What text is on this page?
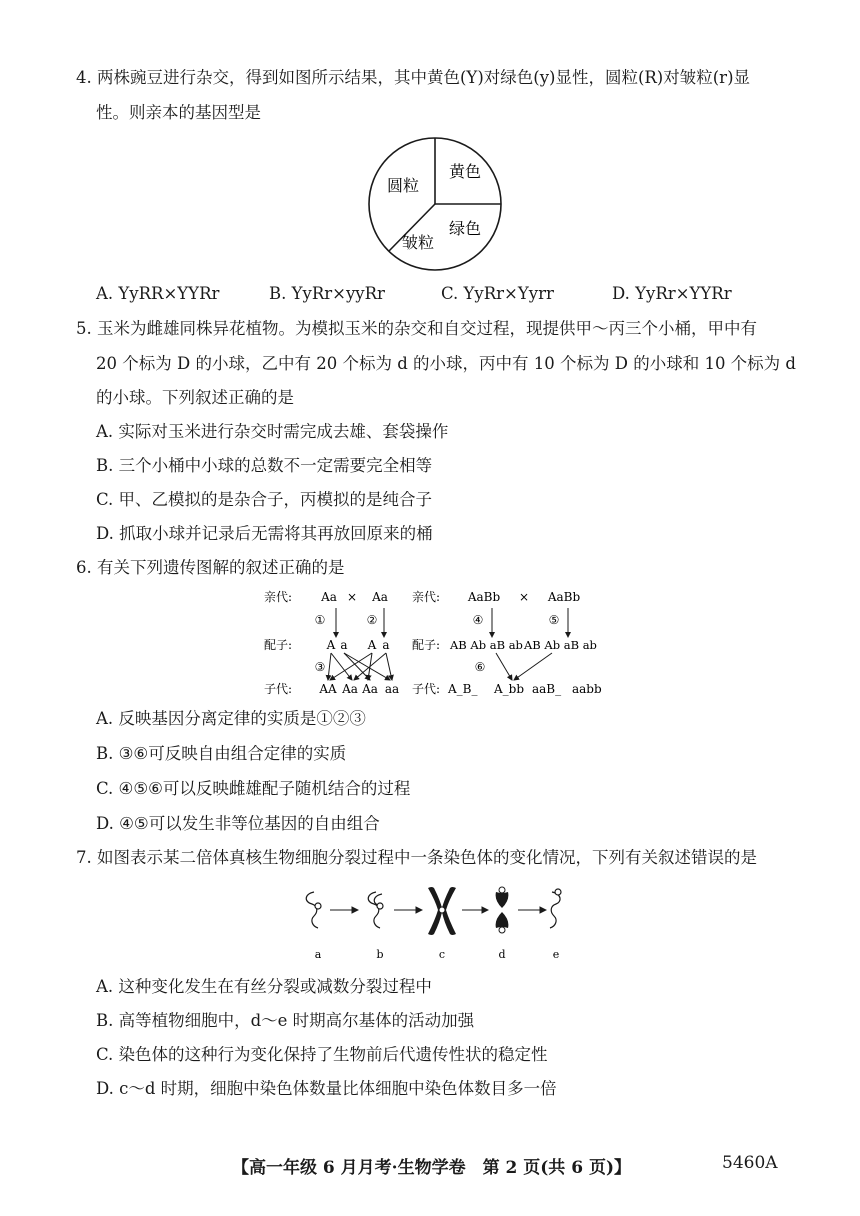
4. 两株豌豆进行杂交，得到如图所示结果，其中黄色(Y)对绿色(y)显性，圆粒(R)对皱粒(r)显
性。则亲本的基因型是
圆粒
黄色
绿色
皱粒
A. YyRR×YYRr	B. YyRr×yyRr	C. YyRr×Yyrr	D. YyRr×YYRr
5. 玉米为雌雄同株异花植物。为模拟玉米的杂交和自交过程，现提供甲～丙三个小桶，甲中有
20 个标为 D 的小球，乙中有 20 个标为 d 的小球，丙中有 10 个标为 D 的小球和 10 个标为 d
的小球。下列叙述正确的是
A. 实际对玉米进行杂交时需完成去雄、套袋操作
B. 三个小桶中小球的总数不一定需要完全相等
C. 甲、乙模拟的是杂合子，丙模拟的是纯合子
D. 抓取小球并记录后无需将其再放回原来的桶
6. 有关下列遗传图解的叙述正确的是
亲代: Aa × Aa
①	②
配子:	A a A a
③
子代: AA Aa Aa aa
亲代: AaBb × AaBb
④	⑤
配子: AB Ab aB ab AB Ab aB ab
⑥
子代: A_B_ A_bb aaB_ aabb
A. 反映基因分离定律的实质是①②③
B. ③⑥可反映自由组合定律的实质
C. ④⑤⑥可以反映雌雄配子随机结合的过程
D. ④⑤可以发生非等位基因的自由组合
7. 如图表示某二倍体真核生物细胞分裂过程中一条染色体的变化情况，下列有关叙述错误的是
a	b	c	d	e
A. 这种变化发生在有丝分裂或减数分裂过程中
B. 高等植物细胞中，d～e 时期高尔基体的活动加强
C. 染色体的这种行为变化保持了生物前后代遗传性状的稳定性
D. c～d 时期，细胞中染色体数量比体细胞中染色体数目多一倍
【高一年级 6 月月考·生物学卷　第 2 页(共 6 页)】	5460A
